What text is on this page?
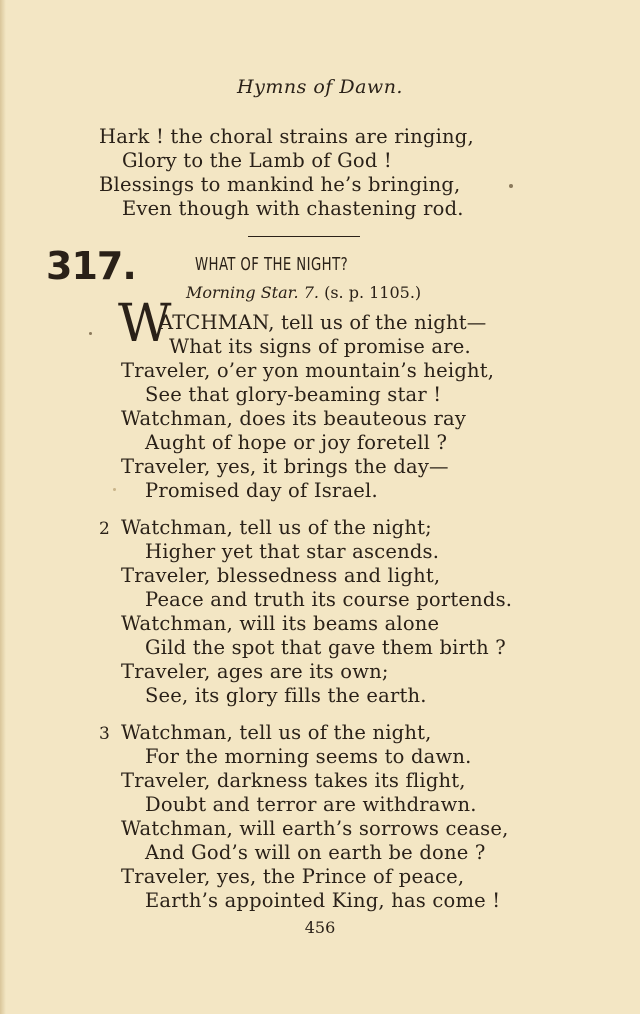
Hymns of Dawn.
Hark ! the choral strains are ringing,
Glory to the Lamb of God !
Blessings to mankind he’s bringing,
Even though with chastening rod.
317.	WHAT OF THE NIGHT?
Morning Star. 7. (s. p. 1105.)
W
ATCHMAN, tell us of the night—
What its signs of promise are.
Traveler, o’er yon mountain’s height,
See that glory-beaming star !
Watchman, does its beauteous ray
Aught of hope or joy foretell ?
Traveler, yes, it brings the day—
Promised day of Israel.
2 Watchman, tell us of the night;
Higher yet that star ascends.
Traveler, blessedness and light,
Peace and truth its course portends.
Watchman, will its beams alone
Gild the spot that gave them birth ?
Traveler, ages are its own;
See, its glory fills the earth.
3 Watchman, tell us of the night,
For the morning seems to dawn.
Traveler, darkness takes its flight,
Doubt and terror are withdrawn.
Watchman, will earth’s sorrows cease,
And God’s will on earth be done ?
Traveler, yes, the Prince of peace,
Earth’s appointed King, has come !
456
